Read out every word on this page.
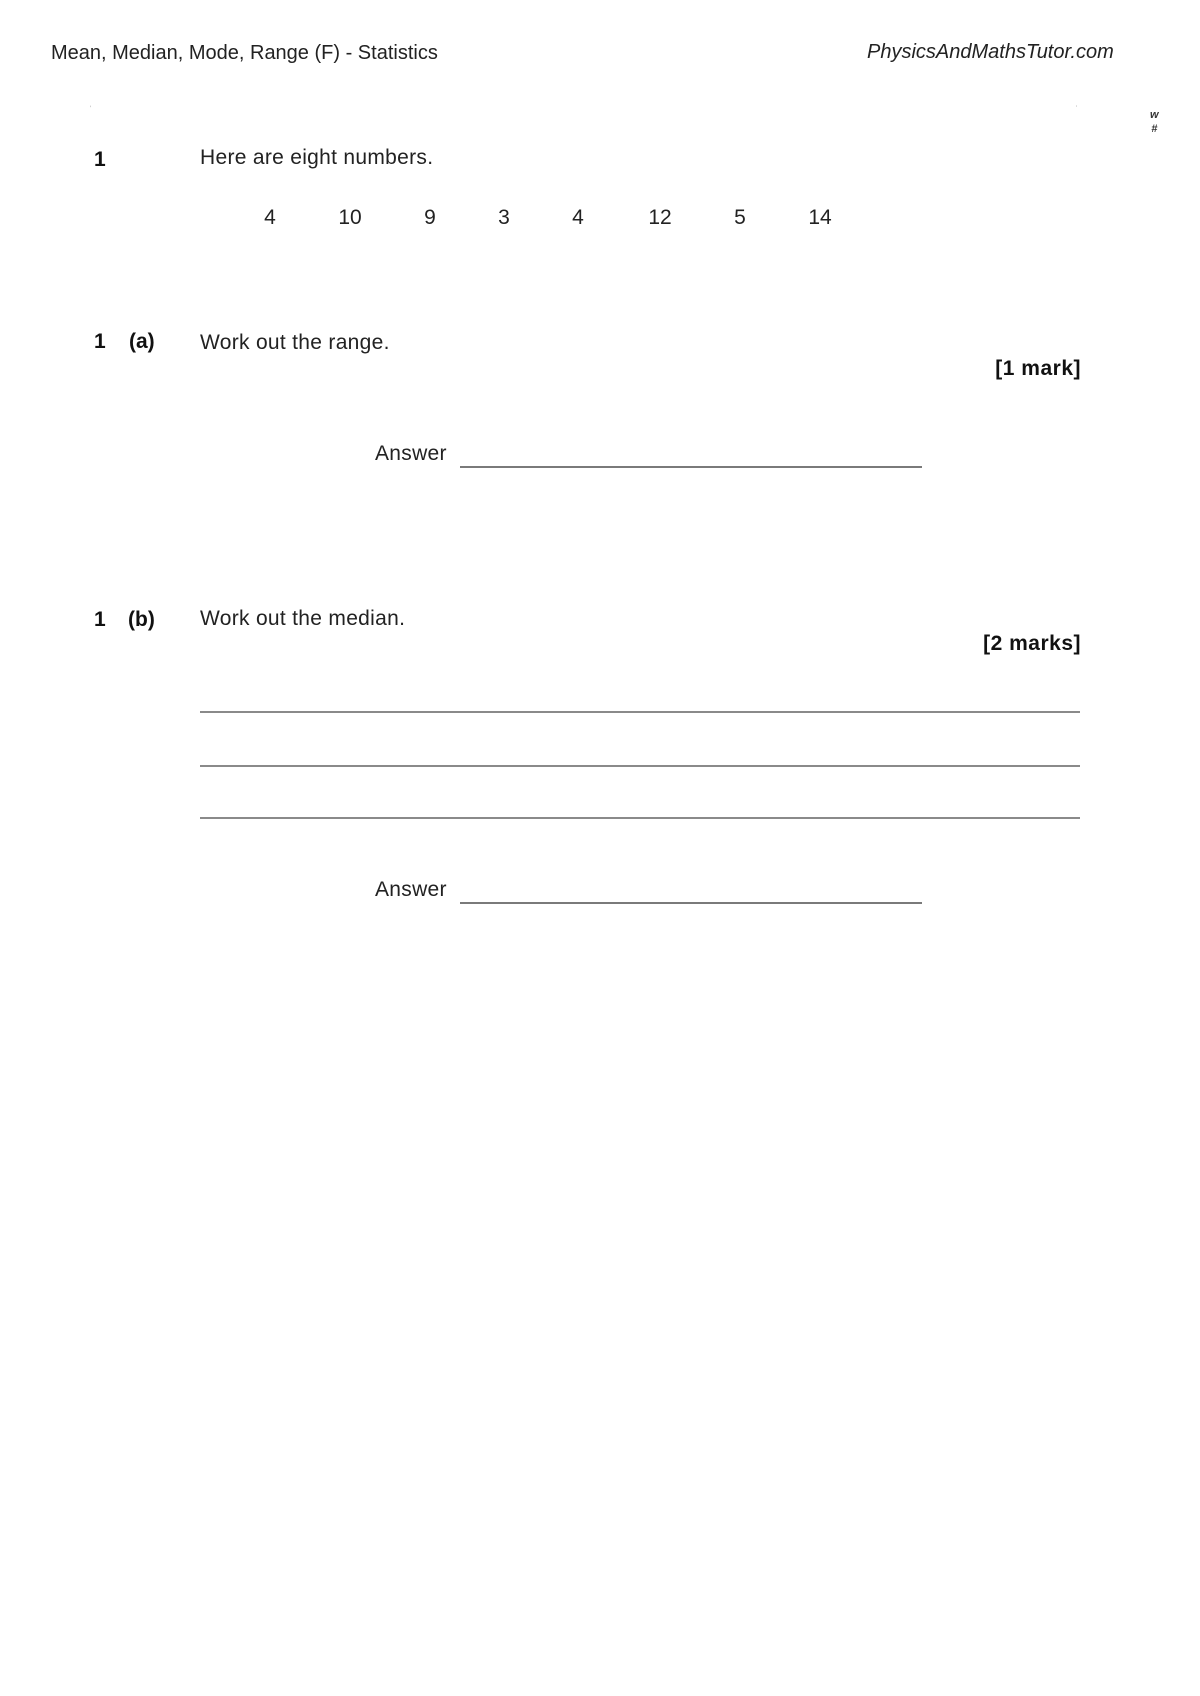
Mean, Median, Mode, Range (F) - Statistics	PhysicsAndMathsTutor.com
‘	’	w
#
1	Here are eight numbers.
4	10	9	3	4	12	5	14
1 (a) Work out the range.
[1 mark]
Answer
1 (b) Work out the median.
[2 marks]
Answer
